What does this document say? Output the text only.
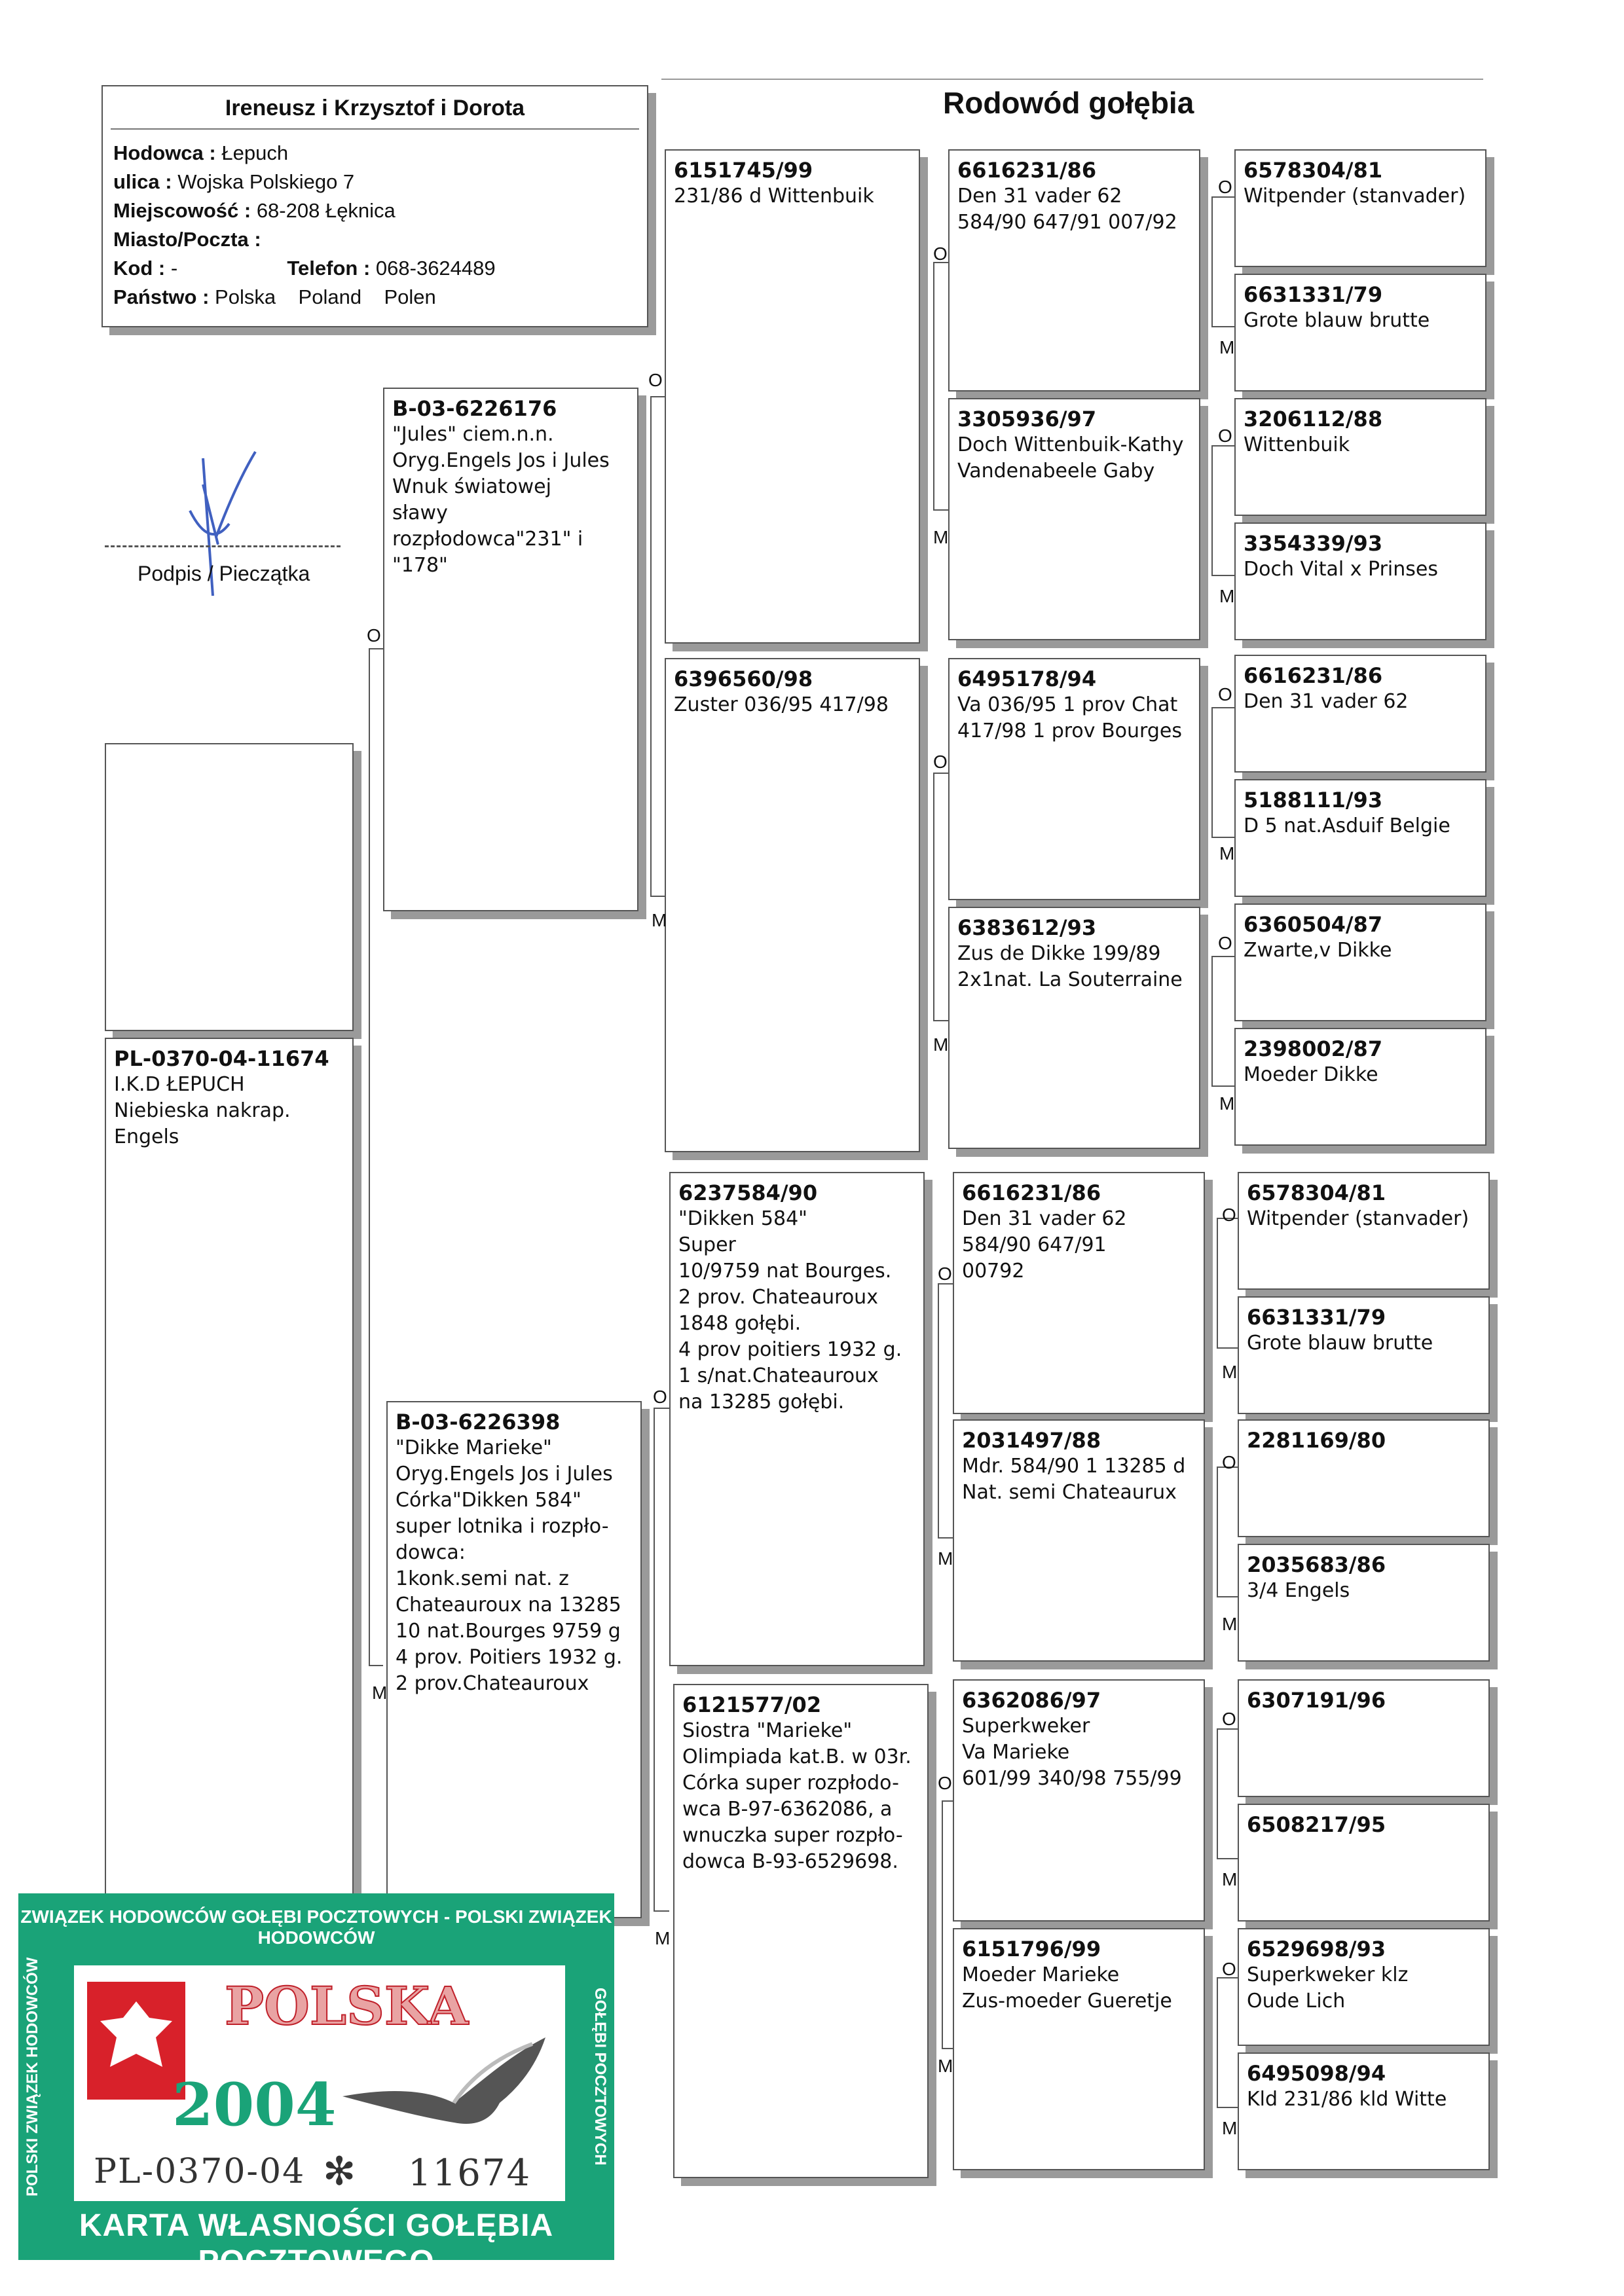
Rodowód gołębia
Ireneusz i Krzysztof i Dorota
Hodowca : Łepuch
ulica : Wojska Polskiego 7
Miejscowość : 68-208 Łęknica
Miasto/Poczta :
Kod : -	Telefon : 068-3624489
Państwo : Polska    Poland    Polen
Podpis / Pieczątka
PL-0370-04-11674
I.K.D ŁEPUCH
Niebieska nakrap.
Engels
B-03-6226176
"Jules" ciem.n.n.
Oryg.Engels Jos i Jules
Wnuk światowej
sławy
rozpłodowca"231" i
"178"
B-03-6226398
"Dikke Marieke"
Oryg.Engels Jos i Jules
Córka"Dikken 584"
super lotnika i rozpło-
dowca:
1konk.semi nat. z
Chateauroux na 13285
10 nat.Bourges 9759 g
4 prov. Poitiers 1932 g.
2 prov.Chateauroux
6151745/99
231/86 d Wittenbuik
6396560/98
Zuster 036/95 417/98
6237584/90
"Dikken 584"
Super
10/9759 nat Bourges.
2 prov. Chateauroux
1848 gołębi.
4 prov poitiers 1932 g.
1 s/nat.Chateauroux
na 13285 gołębi.
6121577/02
Siostra "Marieke"
Olimpiada kat.B. w 03r.
Córka super rozpłodo-
wca B-97-6362086, a
wnuczka super rozpło-
dowca B-93-6529698.
6616231/86
Den 31 vader 62
584/90 647/91 007/92
3305936/97
Doch Wittenbuik-Kathy
Vandenabeele Gaby
6495178/94
Va 036/95 1 prov Chat
417/98 1 prov Bourges
6383612/93
Zus de Dikke 199/89
2x1nat. La Souterraine
6616231/86
Den 31 vader 62
584/90 647/91
00792
2031497/88
Mdr. 584/90 1 13285 d
Nat. semi Chateaurux
6362086/97
Superkweker
Va Marieke
601/99 340/98 755/99
6151796/99
Moeder Marieke
Zus-moeder Gueretje
6578304/81
Witpender (stanvader)
6631331/79
Grote blauw brutte
3206112/88
Wittenbuik
3354339/93
Doch Vital x Prinses
6616231/86
Den 31 vader 62
5188111/93
D 5 nat.Asduif Belgie
6360504/87
Zwarte,v Dikke
2398002/87
Moeder Dikke
6578304/81
Witpender (stanvader)
6631331/79
Grote blauw brutte
2281169/80
2035683/86
3/4 Engels
6307191/96
6508217/95
6529698/93
Superkweker klz
Oude Lich
6495098/94
Kld 231/86 kld Witte
O
M
O
M
O
M
O
M
O
M
O
M
O
M
O
M
O
M
O
M
O
M
O
M
O
M
O
M
O
M
ZWIĄZEK HODOWCÓW GOŁĘBI POCZTOWYCH - POLSKI ZWIĄZEK HODOWCÓW
POLSKI ZWIĄZEK HODOWCÓW	GOŁĘBI POCZTOWYCH
POLSKA
2004
PL-0370-04 ✻ 11674
KARTA WŁASNOŚCI GOŁĘBIA POCZTOWEGO
